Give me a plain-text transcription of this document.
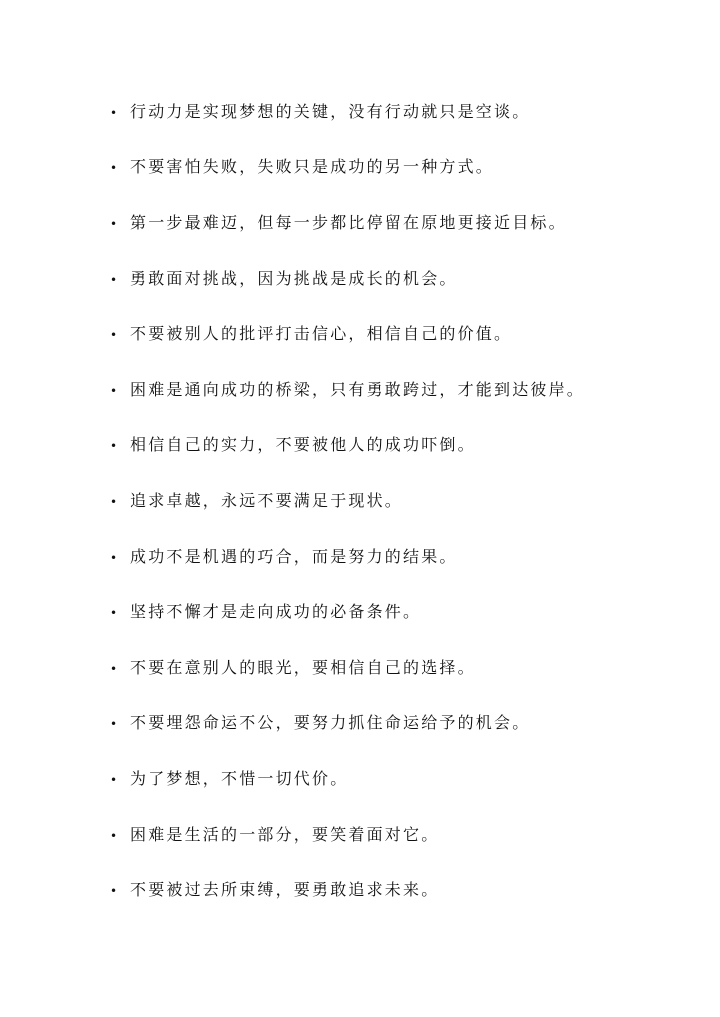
• 行动力是实现梦想的关键，没有行动就只是空谈。
• 不要害怕失败，失败只是成功的另一种方式。
• 第一步最难迈，但每一步都比停留在原地更接近目标。
• 勇敢面对挑战，因为挑战是成长的机会。
• 不要被别人的批评打击信心，相信自己的价值。
• 困难是通向成功的桥梁，只有勇敢跨过，才能到达彼岸。
• 相信自己的实力，不要被他人的成功吓倒。
• 追求卓越，永远不要满足于现状。
• 成功不是机遇的巧合，而是努力的结果。
• 坚持不懈才是走向成功的必备条件。
• 不要在意别人的眼光，要相信自己的选择。
• 不要埋怨命运不公，要努力抓住命运给予的机会。
• 为了梦想，不惜一切代价。
• 困难是生活的一部分，要笑着面对它。
• 不要被过去所束缚，要勇敢追求未来。
